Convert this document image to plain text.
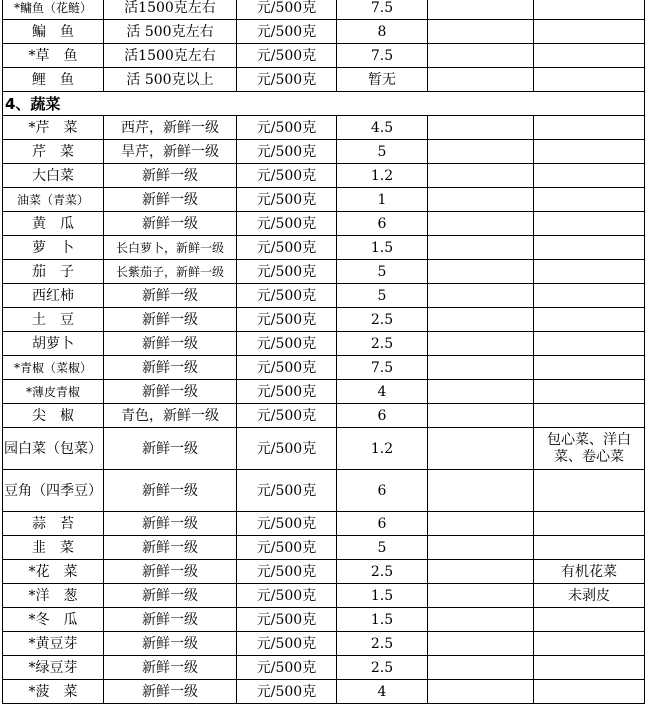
*鳙鱼（花鲢）	活1500克左右	元/500克	7.5		
鳊　鱼	活 500克左右	元/500克	8		
*草　鱼	活1500克左右	元/500克	7.5		
鲤　鱼	活 500克以上	元/500克	暂无		
4、蔬菜					
*芹　菜	西芹，新鲜一级	元/500克	4.5		
芹　菜	旱芹，新鲜一级	元/500克	5		
大白菜	新鲜一级	元/500克	1.2		
油菜（青菜）	新鲜一级	元/500克	1		
黄　瓜	新鲜一级	元/500克	6		
萝　卜	长白萝卜，新鲜一级	元/500克	1.5		
茄　子	长紫茄子，新鲜一级	元/500克	5		
西红柿	新鲜一级	元/500克	5		
土　豆	新鲜一级	元/500克	2.5		
胡萝卜	新鲜一级	元/500克	2.5		
*青椒（菜椒）	新鲜一级	元/500克	7.5		
*薄皮青椒	新鲜一级	元/500克	4		
尖　椒	青色，新鲜一级	元/500克	6		
园白菜（包菜）	新鲜一级	元/500克	1.2		包心菜、洋白菜、卷心菜
豆角（四季豆）	新鲜一级	元/500克	6		
蒜　苔	新鲜一级	元/500克	6		
韭　菜	新鲜一级	元/500克	5		
*花　菜	新鲜一级	元/500克	2.5		有机花菜
*洋　葱	新鲜一级	元/500克	1.5		未剥皮
*冬　瓜	新鲜一级	元/500克	1.5		
*黄豆芽	新鲜一级	元/500克	2.5		
*绿豆芽	新鲜一级	元/500克	2.5		
*菠　菜	新鲜一级	元/500克	4		
